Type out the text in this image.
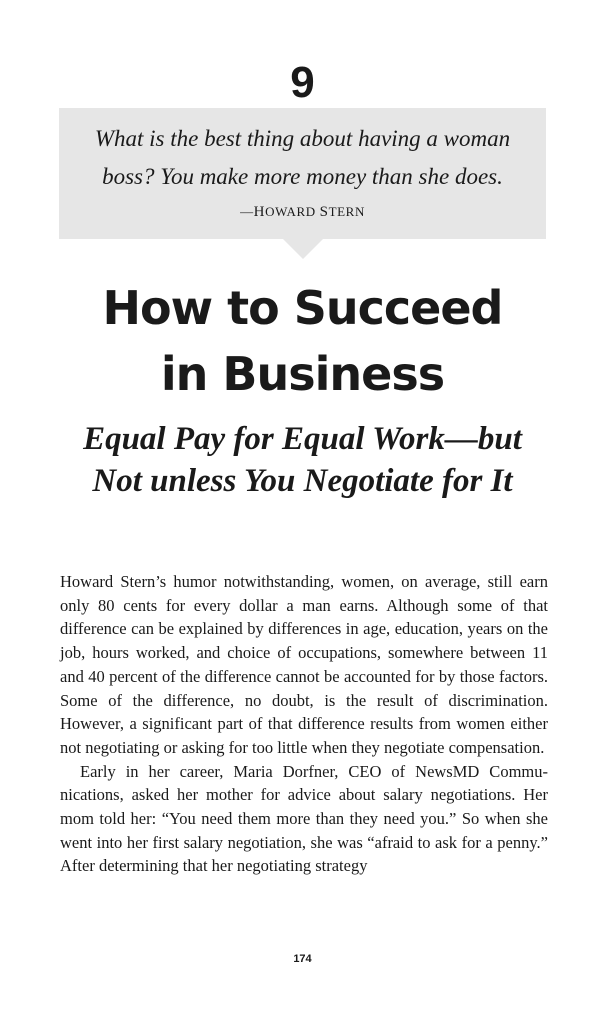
9
What is the best thing about having a woman
boss? You make more money than she does.
—HOWARD STERN
How to Succeed
in Business
Equal Pay for Equal Work—but
Not unless You Negotiate for It

Howard Stern’s humor notwithstanding, women, on average, still earn only 80 cents for every dollar a man earns. Although some of that difference can be explained by differences in age, education, years on the job, hours worked, and choice of occupations, somewhere between 11 and 40 percent of the difference cannot be accounted for by those factors. Some of the difference, no doubt, is the result of discrimination. However, a significant part of that difference results from women either not negotiating or asking for too little when they negotiate compensation.

Early in her career, Maria Dorfner, CEO of NewsMD Communications, asked her mother for advice about salary negotiations. Her mom told her: “You need them more than they need you.” So when she went into her first salary negotiation, she was “afraid to ask for a penny.” After determining that her negotiating strategy

174
